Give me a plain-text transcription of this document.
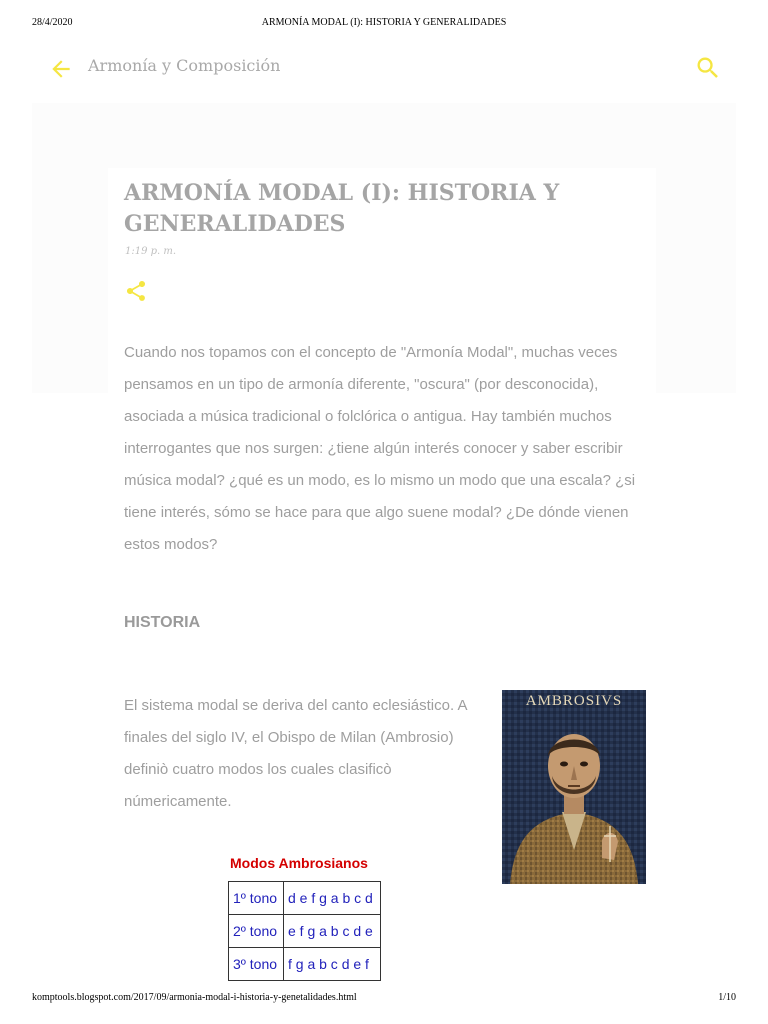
28/4/2020	ARMONÍA MODAL (I): HISTORIA Y GENERALIDADES
Armonía y Composición
ARMONÍA MODAL (I): HISTORIA Y GENERALIDADES
1:19 p. m.

Cuando nos topamos con el concepto de "Armonía Modal", muchas veces pensamos en un tipo de armonía diferente, "oscura" (por desconocida), asociada a música tradicional o folclórica o antigua. Hay también muchos interrogantes que nos surgen: ¿tiene algún interés conocer y saber escribir música modal? ¿qué es un modo, es lo mismo un modo que una escala? ¿si tiene interés, sómo se hace para que algo suene modal? ¿De dónde vienen estos modos?

HISTORIA

El sistema modal se deriva del canto eclesiástico. A finales del siglo IV, el Obispo de Milan (Ambrosio) definiò cuatro modos los cuales clasificò númericamente.

AMBROSIVS
Modos Ambrosianos
1º tono	d e f g a b c d
2º tono	e f g a b c d e
3º tono	f g a b c d e f
komptools.blogspot.com/2017/09/armonia-modal-i-historia-y-genetalidades.html	1/10
